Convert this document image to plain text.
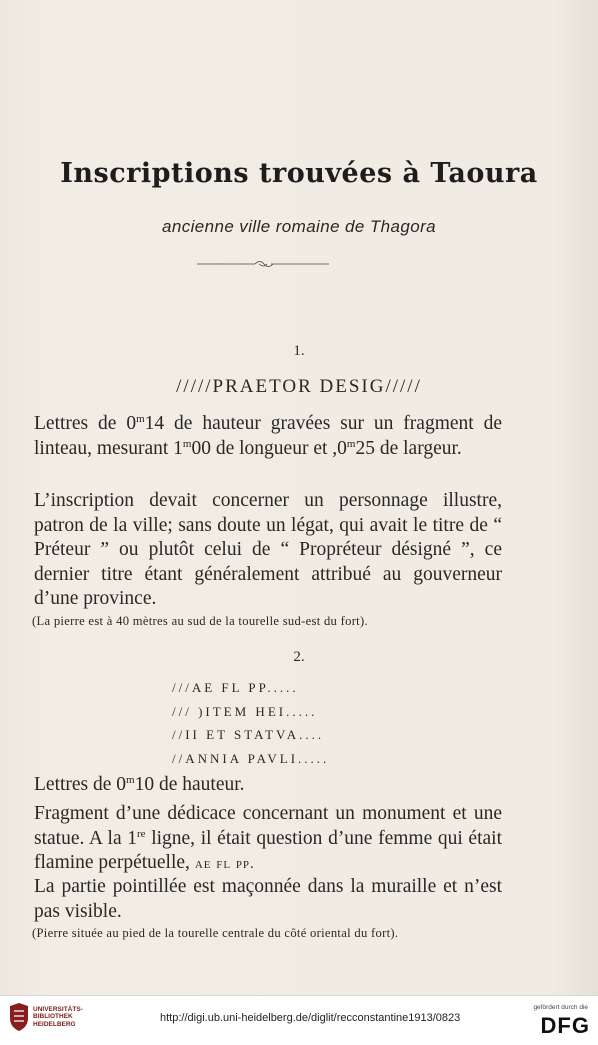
Inscriptions trouvées à Taoura
ancienne ville romaine de Thagora
1.
/////PRAETOR DESIG/////

Lettres de 0$^m$14 de hauteur gravées sur un fragment de linteau, mesurant 1$^m$00 de longueur et ,0$^m$25 de largeur.

L’inscription devait concerner un personnage illustre, patron de la ville; sans doute un légat, qui avait le titre de “ Préteur ” ou plutôt celui de “ Propréteur désigné ”, ce dernier titre étant généralement attribué au gouverneur d’une province.

(La pierre est à 40 mètres au sud de la tourelle sud-est du fort).

2.
///AE FL PP.....
/// )ITEM HEI.....
//II ET STATVA....
//ANNIA PAVLI.....

Lettres de 0$^m$10 de hauteur.

Fragment d’une dédicace concernant un monument et une statue. A la 1re ligne, il était question d’une femme qui était flamine perpétuelle, ae fl pp.

La partie pointillée est maçonnée dans la muraille et n’est pas visible.

(Pierre située au pied de la tourelle centrale du côté oriental du fort).

UNIVERSITÄTS-
BIBLIOTHEK
HEIDELBERG
http://digi.ub.uni-heidelberg.de/diglit/recconstantine1913/0823
gefördert durch die
DFG
